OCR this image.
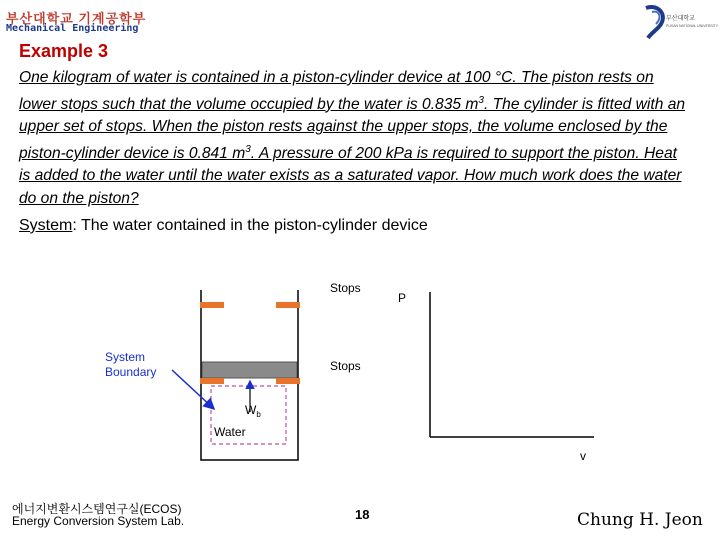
부산대학교 기계공학부
Mechanical Engineering
부산대학교
PUSAN NATIONAL UNIVERSITY
Example 3
One kilogram of water is contained in a piston-cylinder device at 100 °C. The piston rests on lower stops such that the volume occupied by the water is 0.835 $m^3$. The cylinder is fitted with an upper set of stops. When the piston rests against the upper stops, the volume enclosed by the piston-cylinder device is 0.841 $m^3$. A pressure of 200 kPa is required to support the piston. Heat is added to the water until the water exists as a saturated vapor. How much work does the water do on the piston?
System: The water contained in the piston-cylinder device
Stops
Stops
System
Boundary
$W_b$
Water
P
v
에너지변환시스템연구실(ECOS)
Energy Conversion System Lab.	18	Chung H. Jeon
